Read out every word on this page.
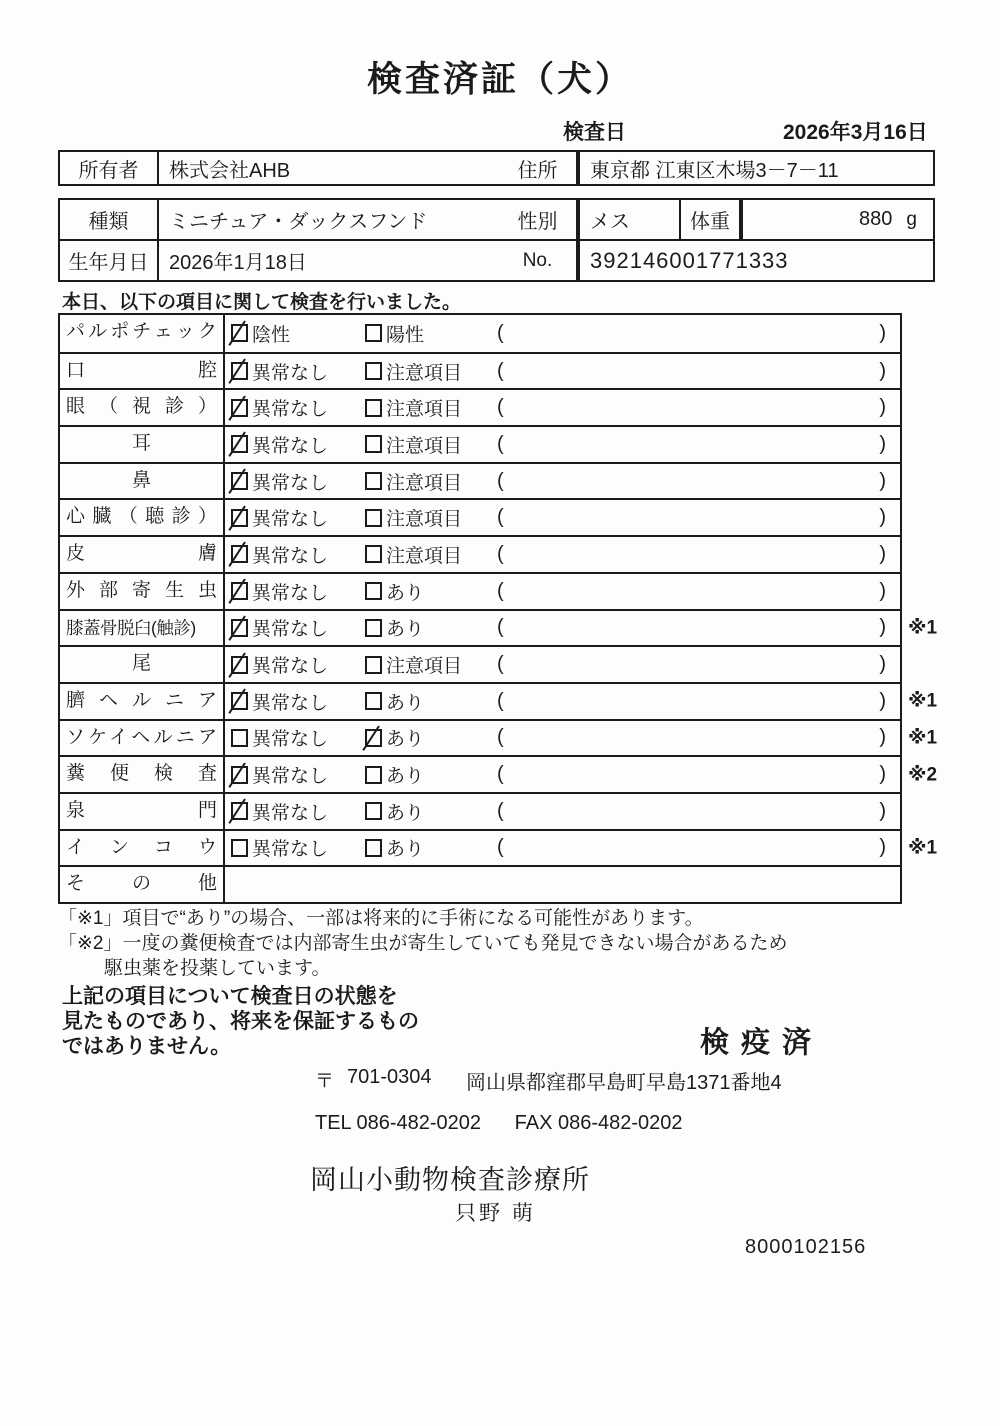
検査済証（犬）
検査日	2026年3月16日
所有者	株式会社AHB	住所	東京都 江東区木場3－7－11
種類	ミニチュア・ダックスフンド	性別	メス	体重	880 g
生年月日	2026年1月18日	No.	392146001771333
本日、以下の項目に関して検査を行いました。
パルポチェック	陰性	陽性	(	)
口腔	異常なし	注意項目 (	)
眼（視診）	異常なし	注意項目 (	)
耳	異常なし	注意項目 (	)
鼻	異常なし	注意項目 (	)
心臓（聴診）	異常なし	注意項目 (	)
皮膚	異常なし	注意項目 (	)
外部寄生虫	異常なし	あり	(	)
膝蓋骨脱臼(触診)	異常なし	あり	(	) ※1
尾	異常なし	注意項目 (	)
臍ヘルニア	異常なし	あり	(	) ※1
ソケイヘルニア	異常なし	あり	(	) ※1
糞便検査	異常なし	あり	(	) ※2
泉門	異常なし	あり	(	)
インコウ	異常なし	あり	(	) ※1
その他
「※1」項目で“あり”の場合、一部は将来的に手術になる可能性があります。
「※2」一度の糞便検査では内部寄生虫が寄生していても発見できない場合があるため
駆虫薬を投薬しています。
上記の項目について検査日の状態を
見たものであり、将来を保証するもの
ではありません。	検疫済
〒 701-0304 岡山県都窪郡早島町早島1371番地4
TEL 086-482-0202 FAX 086-482-0202
岡山小動物検査診療所
只野 萌
8000102156
